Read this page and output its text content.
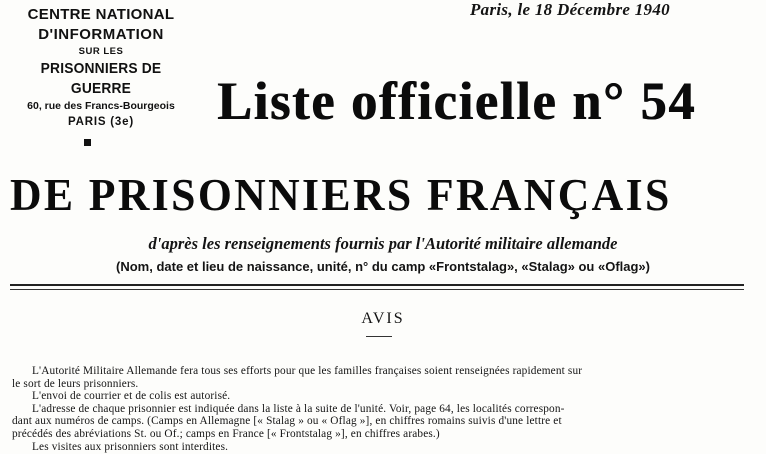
CENTRE NATIONAL
D'INFORMATION
SUR LES
PRISONNIERS DE GUERRE
60, rue des Francs-Bourgeois
PARIS (3e)
Paris, le 18 Décembre 1940
Liste officielle n° 54
DE PRISONNIERS FRANÇAIS
d'après les renseignements fournis par l'Autorité militaire allemande
(Nom, date et lieu de naissance, unité, n° du camp «Frontstalag», «Stalag» ou «Oflag»)
AVIS

L'Autorité Militaire Allemande fera tous ses efforts pour que les familles françaises soient renseignées rapidement sur

le sort de leurs prisonniers.

L'envoi de courrier et de colis est autorisé.

L'adresse de chaque prisonnier est indiquée dans la liste à la suite de l'unité. Voir, page 64, les localités correspon-

dant aux numéros de camps. (Camps en Allemagne [« Stalag » ou « Oflag »], en chiffres romains suivis d'une lettre et

précédés des abréviations St. ou Of.; camps en France [« Frontstalag »], en chiffres arabes.)

Les visites aux prisonniers sont interdites.
